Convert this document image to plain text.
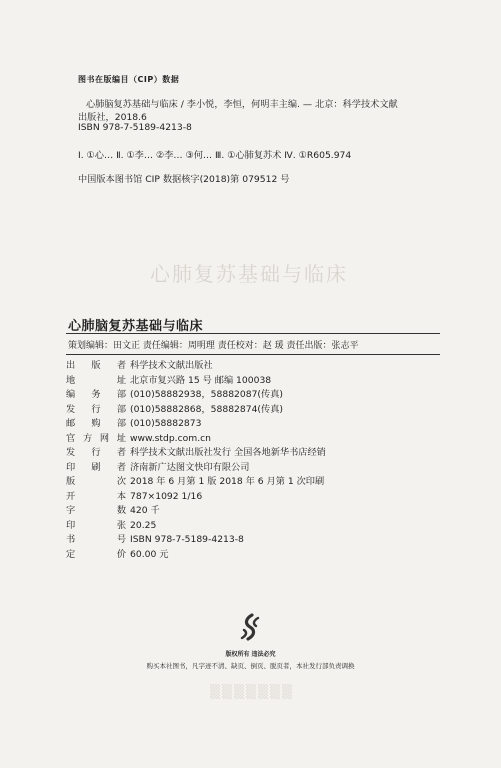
图书在版编目（CIP）数据
心肺脑复苏基础与临床 / 李小悦，李恒，何明丰主编. — 北京：科学技术文献
出版社，2018.6
ISBN 978-7-5189-4213-8
Ⅰ. ①心… Ⅱ. ①李… ②李… ③何… Ⅲ. ①心肺复苏术 Ⅳ. ①R605.974
中国版本图书馆 CIP 数据核字(2018)第 079512 号
心肺复苏基础与临床
心肺脑复苏基础与临床
策划编辑：田文正 责任编辑：周明理 责任校对：赵 瑗 责任出版：张志平
出 版 者 科学技术文献出版社
地	址 北京市复兴路 15 号 邮编 100038
编 务 部 (010)58882938，58882087(传真)
发 行 部 (010)58882868，58882874(传真)
邮 购 部 (010)58882873
官 方 网 址 www.stdp.com.cn
发 行 者 科学技术文献出版社发行 全国各地新华书店经销
印 刷 者 济南新广达图文快印有限公司
版	次 2018 年 6 月第 1 版 2018 年 6 月第 1 次印刷
开	本 787×1092 1/16
字	数 420 千
印	张 20.25
书	号 ISBN 978-7-5189-4213-8
定	价 60.00 元
版权所有 违法必究
购买本社图书，凡字迹不清、缺页、倒页、脱页者，本社发行部负责调换
▒▒▒▒▒▒▒
